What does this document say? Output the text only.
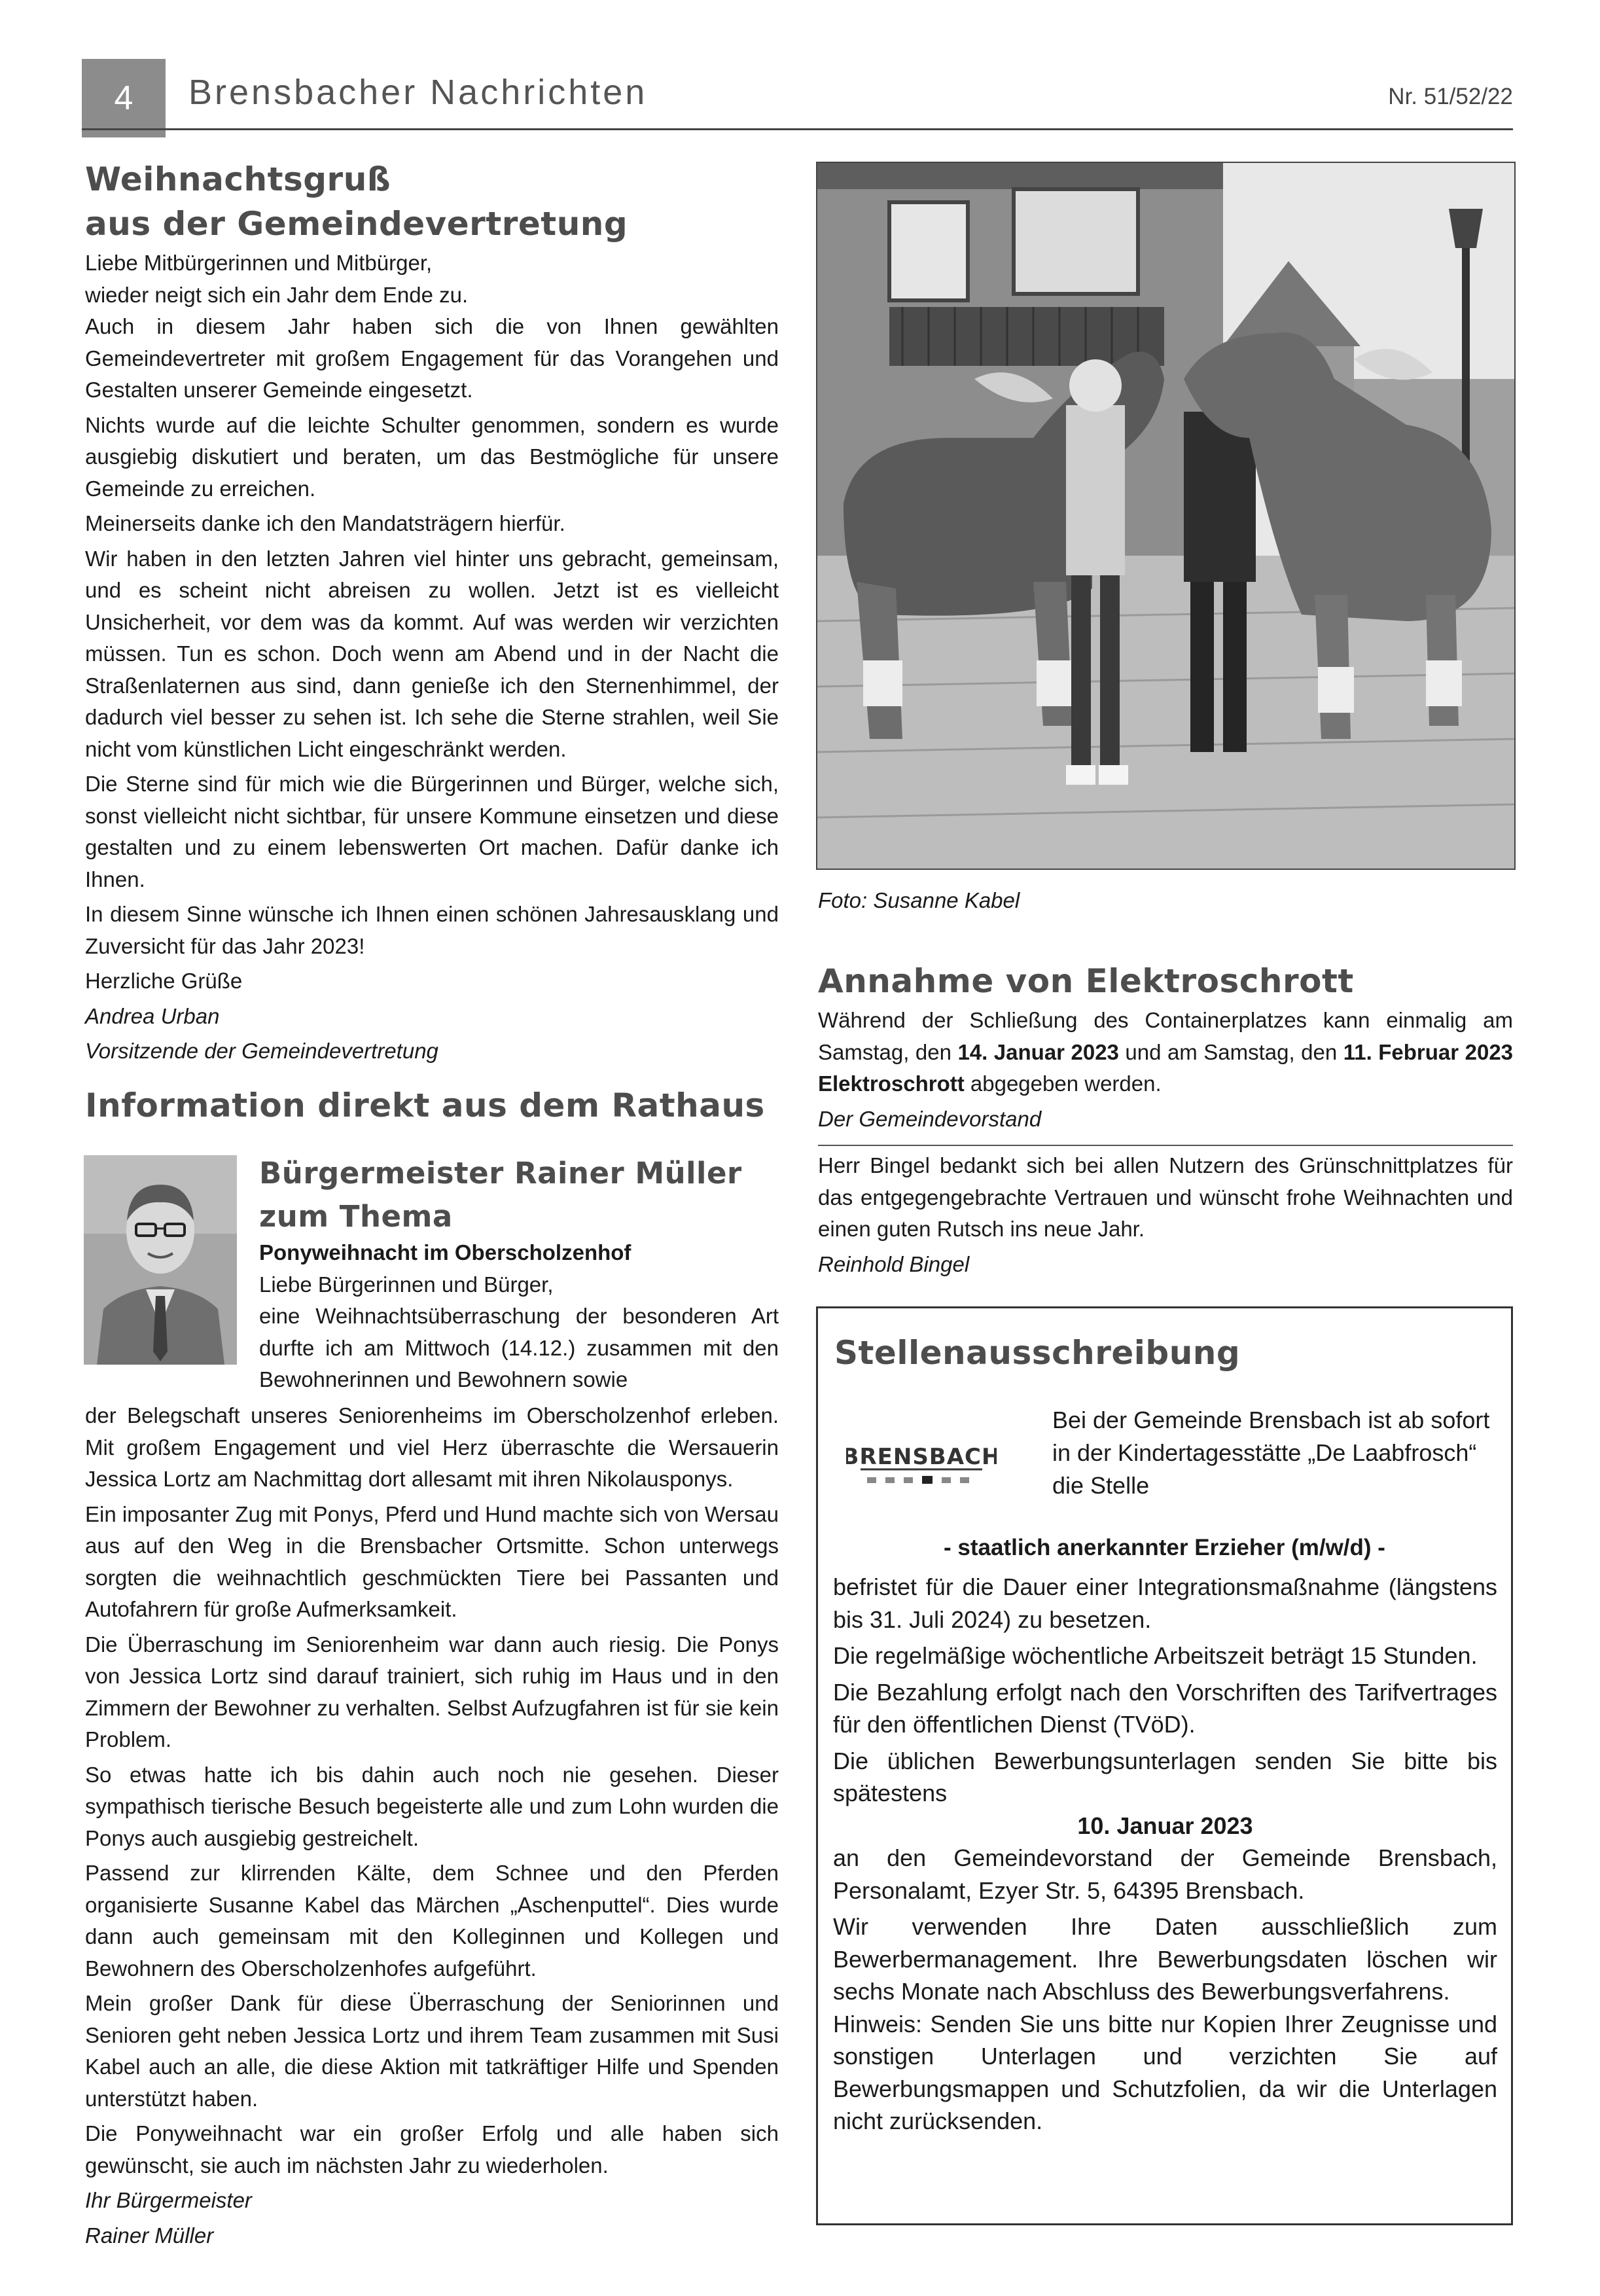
4	Brensbacher Nachrichten	Nr. 51/52/22
Weihnachtsgruß
aus der Gemeindevertretung

Liebe Mitbürgerinnen und Mitbürger,

wieder neigt sich ein Jahr dem Ende zu.

Auch in diesem Jahr haben sich die von Ihnen gewählten Gemeindevertreter mit großem Engagement für das Vorangehen und Gestalten unserer Gemeinde eingesetzt.

Nichts wurde auf die leichte Schulter genommen, sondern es wurde ausgiebig diskutiert und beraten, um das Bestmögliche für unsere Gemeinde zu erreichen.

Meinerseits danke ich den Mandatsträgern hierfür.

Wir haben in den letzten Jahren viel hinter uns gebracht, gemeinsam, und es scheint nicht abreisen zu wollen. Jetzt ist es vielleicht Unsicherheit, vor dem was da kommt. Auf was werden wir verzichten müssen. Tun es schon. Doch wenn am Abend und in der Nacht die Straßenlaternen aus sind, dann genieße ich den Sternenhimmel, der dadurch viel besser zu sehen ist. Ich sehe die Sterne strahlen, weil Sie nicht vom künstlichen Licht eingeschränkt werden.

Die Sterne sind für mich wie die Bürgerinnen und Bürger, welche sich, sonst vielleicht nicht sichtbar, für unsere Kommune einsetzen und diese gestalten und zu einem lebenswerten Ort machen. Dafür danke ich Ihnen.

In diesem Sinne wünsche ich Ihnen einen schönen Jahresausklang und Zuversicht für das Jahr 2023!

Herzliche Grüße

Andrea Urban

Vorsitzende der Gemeindevertretung

Information direkt aus dem Rathaus
Bürgermeister Rainer Müller
zum Thema

Ponyweihnacht im Oberscholzenhof

Liebe Bürgerinnen und Bürger,

eine Weihnachtsüberraschung der besonderen Art durfte ich am Mittwoch (14.12.) zusammen mit den Bewohnerinnen und Bewohnern sowie

der Belegschaft unseres Seniorenheims im Oberscholzenhof erleben. Mit großem Engagement und viel Herz überraschte die Wersauerin Jessica Lortz am Nachmittag dort allesamt mit ihren Nikolausponys.

Ein imposanter Zug mit Ponys, Pferd und Hund machte sich von Wersau aus auf den Weg in die Brensbacher Ortsmitte. Schon unterwegs sorgten die weihnachtlich geschmückten Tiere bei Passanten und Autofahrern für große Aufmerksamkeit.

Die Überraschung im Seniorenheim war dann auch riesig. Die Ponys von Jessica Lortz sind darauf trainiert, sich ruhig im Haus und in den Zimmern der Bewohner zu verhalten. Selbst Aufzugfahren ist für sie kein Problem.

So etwas hatte ich bis dahin auch noch nie gesehen. Dieser sympathisch tierische Besuch begeisterte alle und zum Lohn wurden die Ponys auch ausgiebig gestreichelt.

Passend zur klirrenden Kälte, dem Schnee und den Pferden organisierte Susanne Kabel das Märchen „Aschenputtel“. Dies wurde dann auch gemeinsam mit den Kolleginnen und Kollegen und Bewohnern des Oberscholzenhofes aufgeführt.

Mein großer Dank für diese Überraschung der Seniorinnen und Senioren geht neben Jessica Lortz und ihrem Team zusammen mit Susi Kabel auch an alle, die diese Aktion mit tatkräftiger Hilfe und Spenden unterstützt haben.

Die Ponyweihnacht war ein großer Erfolg und alle haben sich gewünscht, sie auch im nächsten Jahr zu wiederholen.

Ihr Bürgermeister

Rainer Müller

Foto: Susanne Kabel
Annahme von Elektroschrott

Während der Schließung des Containerplatzes kann einmalig am Samstag, den 14. Januar 2023 und am Samstag, den 11. Februar 2023 Elektroschrott abgegeben werden.

Der Gemeindevorstand

Herr Bingel bedankt sich bei allen Nutzern des Grünschnittplatzes für das entgegengebrachte Vertrauen und wünscht frohe Weihnachten und einen guten Rutsch ins neue Jahr.

Reinhold Bingel

Stellenausschreibung
BRENSBACH
Bei der Gemeinde Brensbach ist ab sofort in der Kindertagesstätte „De Laabfrosch“ die Stelle
- staatlich anerkannter Erzieher (m/w/d) -

befristet für die Dauer einer Integrationsmaßnahme (längstens bis 31. Juli 2024) zu besetzen.

Die regelmäßige wöchentliche Arbeitszeit beträgt 15 Stunden.

Die Bezahlung erfolgt nach den Vorschriften des Tarifvertrages für den öffentlichen Dienst (TVöD).

Die üblichen Bewerbungsunterlagen senden Sie bitte bis spätestens

10. Januar 2023

an den Gemeindevorstand der Gemeinde Brensbach, Personalamt, Ezyer Str. 5, 64395 Brensbach.

Wir verwenden Ihre Daten ausschließlich zum Bewerbermanagement. Ihre Bewerbungsdaten löschen wir sechs Monate nach Abschluss des Bewerbungsverfahrens.

Hinweis: Senden Sie uns bitte nur Kopien Ihrer Zeugnisse und sonstigen Unterlagen und verzichten Sie auf Bewerbungsmappen und Schutzfolien, da wir die Unterlagen nicht zurücksenden.
